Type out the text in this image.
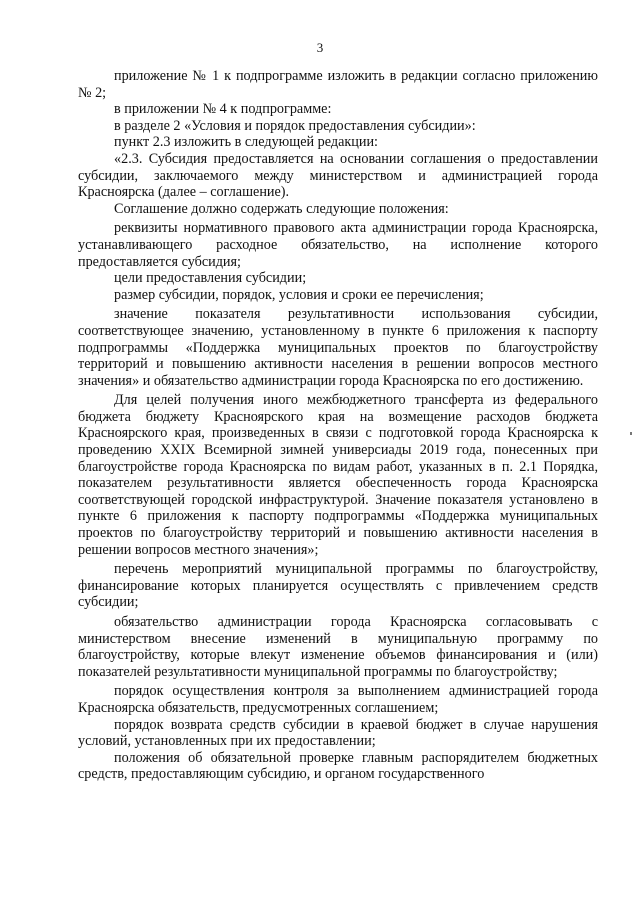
3

приложение № 1 к подпрограмме изложить в редакции согласно приложению № 2;

в приложении № 4 к подпрограмме:

в разделе 2 «Условия и порядок предоставления субсидии»:

пункт 2.3 изложить в следующей редакции:

«2.3. Субсидия предоставляется на основании соглашения о предоставлении субсидии, заключаемого между министерством и администрацией города Красноярска (далее – соглашение).

Соглашение должно содержать следующие положения:

реквизиты нормативного правового акта администрации города Красноярска, устанавливающего расходное обязательство, на исполнение которого предоставляется субсидия;

цели предоставления субсидии;

размер субсидии, порядок, условия и сроки ее перечисления;

значение показателя результативности использования субсидии, соответствующее значению, установленному в пункте 6 приложения к паспорту подпрограммы «Поддержка муниципальных проектов по благоустройству территорий и повышению активности населения в решении вопросов местного значения» и обязательство администрации города Красноярска по его достижению.

Для целей получения иного межбюджетного трансферта из федерального бюджета бюджету Красноярского края на возмещение расходов бюджета Красноярского края, произведенных в связи с подготовкой города Красноярска к проведению XXIX Всемирной зимней универсиады 2019 года, понесенных при благоустройстве города Красноярска по видам работ, указанных в п. 2.1 Порядка, показателем результативности является обеспеченность города Красноярска соответствующей городской инфраструктурой. Значение показателя установлено в пункте 6 приложения к паспорту подпрограммы «Поддержка муниципальных проектов по благоустройству территорий и повышению активности населения в решении вопросов местного значения»;

перечень мероприятий муниципальной программы по благоустройству, финансирование которых планируется осуществлять с привлечением средств субсидии;

обязательство администрации города Красноярска согласовывать с министерством внесение изменений в муниципальную программу по благоустройству, которые влекут изменение объемов финансирования и (или) показателей результативности муниципальной программы по благоустройству;

порядок осуществления контроля за выполнением администрацией города Красноярска обязательств, предусмотренных соглашением;

порядок возврата средств субсидии в краевой бюджет в случае нарушения условий, установленных при их предоставлении;

положения об обязательной проверке главным распорядителем бюджетных средств, предоставляющим субсидию, и органом государственного
